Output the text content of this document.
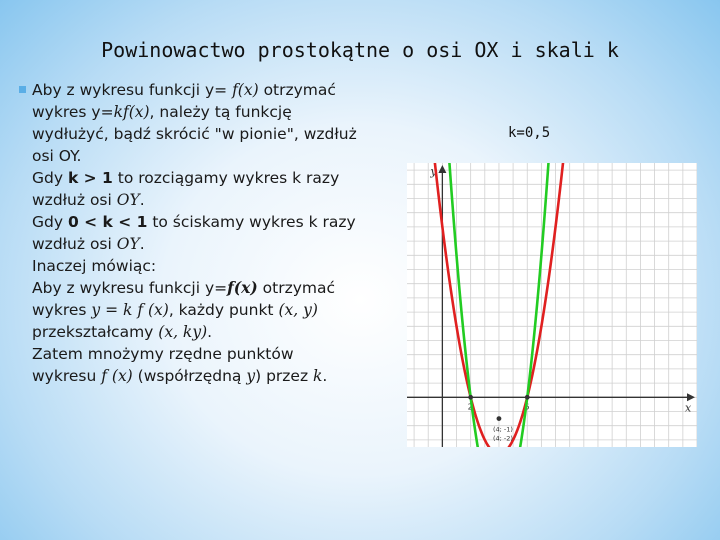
Powinowactwo prostokątne o osi OX i skali k
Aby z wykresu funkcji y= f(x) otrzymać
wykres y=kf(x), należy tą funkcję
wydłużyć, bądź skrócić "w pionie", wzdłuż
osi OY.
Gdy k > 1 to rozciągamy wykres k razy
wzdłuż osi OY.
Gdy 0 < k < 1 to ściskamy wykres k razy
wzdłuż osi OY.
Inaczej mówiąc:
Aby z wykresu funkcji y=f(x) otrzymać
wykres y = k f (x), każdy punkt (x, y)
przekształcamy (x, ky).
Zatem mnożymy rzędne punktów
wykresu f (x) (współrzędną y) przez k.
k=0,5
x
y
2	6
(4; -1)
(4; -2)
